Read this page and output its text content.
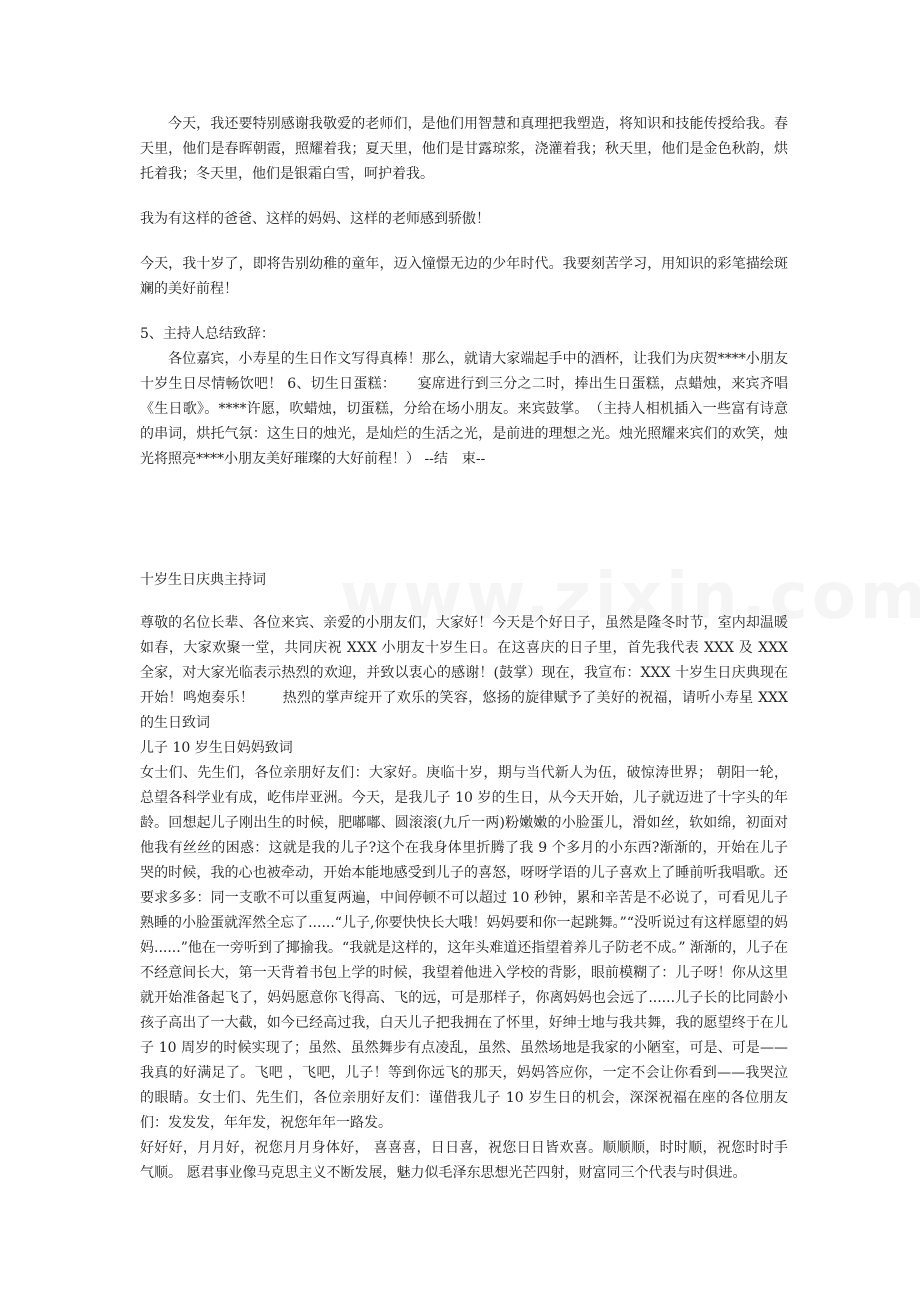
今天，我还要特别感谢我敬爱的老师们，是他们用智慧和真理把我塑造，将知识和技能传授给我。春天里，他们是春晖朝霞，照耀着我；夏天里，他们是甘露琼浆，浇灌着我；秋天里，他们是金色秋韵，烘托着我；冬天里，他们是银霜白雪，呵护着我。

我为有这样的爸爸、这样的妈妈、这样的老师感到骄傲！

今天，我十岁了，即将告别幼稚的童年，迈入憧憬无边的少年时代。我要刻苦学习，用知识的彩笔描绘斑斓的美好前程！

5、主持人总结致辞：

各位嘉宾，小寿星的生日作文写得真棒！那么，就请大家端起手中的酒杯，让我们为庆贺****小朋友十岁生日尽情畅饮吧！ 6、切生日蛋糕：　　宴席进行到三分之二时，捧出生日蛋糕，点蜡烛，来宾齐唱《生日歌》。****许愿，吹蜡烛，切蛋糕，分给在场小朋友。来宾鼓掌。　（主持人相机插入一些富有诗意的串词，烘托气氛：这生日的烛光，是灿烂的生活之光，是前进的理想之光。烛光照耀来宾们的欢笑，烛光将照亮****小朋友美好璀璨的大好前程！） --结　束--

十岁生日庆典主持词

尊敬的名位长辈、各位来宾、亲爱的小朋友们，大家好！今天是个好日子，虽然是隆冬时节，室内却温暖如春，大家欢聚一堂，共同庆祝 XXX 小朋友十岁生日。在这喜庆的日子里，首先我代表 XXX 及 XXX 全家，对大家光临表示热烈的欢迎，并致以衷心的感谢！(鼓掌）现在，我宣布：XXX 十岁生日庆典现在开始！鸣炮奏乐！　　热烈的掌声绽开了欢乐的笑容，悠扬的旋律赋予了美好的祝福，请听小寿星 XXX 的生日致词

儿子 10 岁生日妈妈致词

女士们、先生们，各位亲朋好友们：大家好。庚临十岁，期与当代新人为伍，破惊涛世界； 朝阳一轮，总望各科学业有成，屹伟岸亚洲。今天，是我儿子 10 岁的生日，从今天开始，儿子就迈进了十字头的年龄。回想起儿子刚出生的时候，肥嘟嘟、圆滚滚(九斤一两)粉嫩嫩的小脸蛋儿，滑如丝，软如绵，初面对他我有丝丝的困惑：这就是我的儿子?这个在我身体里折腾了我 9 个多月的小东西?渐渐的，开始在儿子哭的时候，我的心也被牵动，开始本能地感受到儿子的喜怒，呀呀学语的儿子喜欢上了睡前听我唱歌。还要求多多：同一支歌不可以重复两遍，中间停顿不可以超过 10 秒钟，累和辛苦是不必说了，可看见儿子熟睡的小脸蛋就浑然全忘了......“儿子,你要快快长大哦！妈妈要和你一起跳舞。”“没听说过有这样愿望的妈妈......”他在一旁听到了揶揄我。“我就是这样的，这年头难道还指望着养儿子防老不成。” 渐渐的，儿子在不经意间长大，第一天背着书包上学的时候，我望着他进入学校的背影，眼前模糊了：儿子呀！你从这里就开始准备起飞了，妈妈愿意你飞得高、飞的远，可是那样子，你离妈妈也会远了......儿子长的比同龄小孩子高出了一大截，如今已经高过我，白天儿子把我拥在了怀里，好绅士地与我共舞，我的愿望终于在儿子 10 周岁的时候实现了；虽然、虽然舞步有点凌乱，虽然、虽然场地是我家的小陋室，可是、可是——我真的好满足了。飞吧 ，飞吧，儿子！等到你远飞的那天，妈妈答应你，一定不会让你看到——我哭泣的眼睛。女士们、先生们，各位亲朋好友们：谨借我儿子 10 岁生日的机会，深深祝福在座的各位朋友们：发发发，年年发，祝您年年一路发。

好好好，月月好，祝您月月身体好， 喜喜喜，日日喜，祝您日日皆欢喜。顺顺顺，时时顺，祝您时时手气顺。 愿君事业像马克思主义不断发展，魅力似毛泽东思想光芒四射，财富同三个代表与时俱进。
